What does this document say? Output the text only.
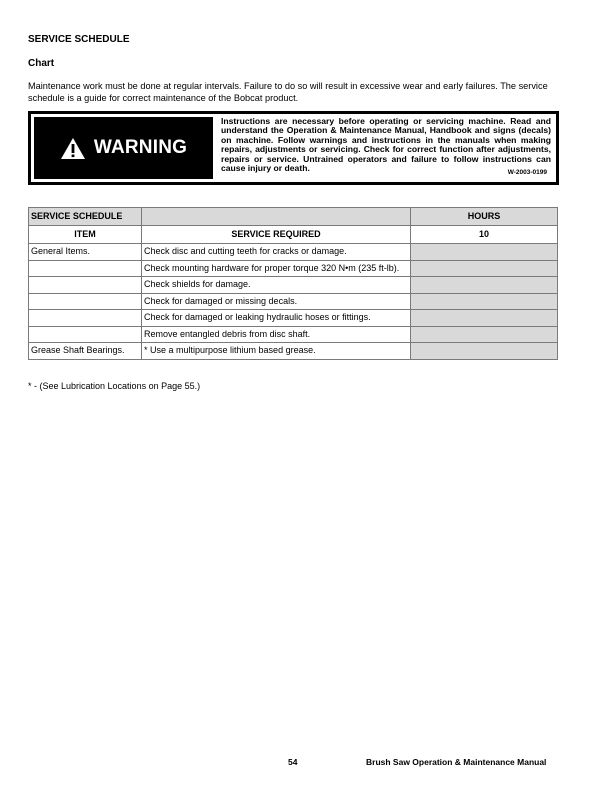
SERVICE SCHEDULE
Chart
Maintenance work must be done at regular intervals. Failure to do so will result in excessive wear and early failures. The service schedule is a guide for correct maintenance of the Bobcat product.
WARNING
Instructions are necessary before operating or servicing machine. Read and understand the Operation & Maintenance Manual, Handbook and signs (decals) on machine. Follow warnings and instructions in the manuals when making repairs, adjustments or servicing. Check for correct function after adjustments, repairs or service. Untrained operators and failure to follow instructions can cause injury or death.	W-2003-0199
SERVICE SCHEDULE		HOURS
ITEM	SERVICE REQUIRED	10
General Items.	Check disc and cutting teeth for cracks or damage.	
	Check mounting hardware for proper torque 320 N•m (235 ft-lb).	
	Check shields for damage.	
	Check for damaged or missing decals.	
	Check for damaged or leaking hydraulic hoses or fittings.	
	Remove entangled debris from disc shaft.	
Grease Shaft Bearings.	* Use a multipurpose lithium based grease.	
* - (See Lubrication Locations on Page 55.)
54	Brush Saw Operation & Maintenance Manual
